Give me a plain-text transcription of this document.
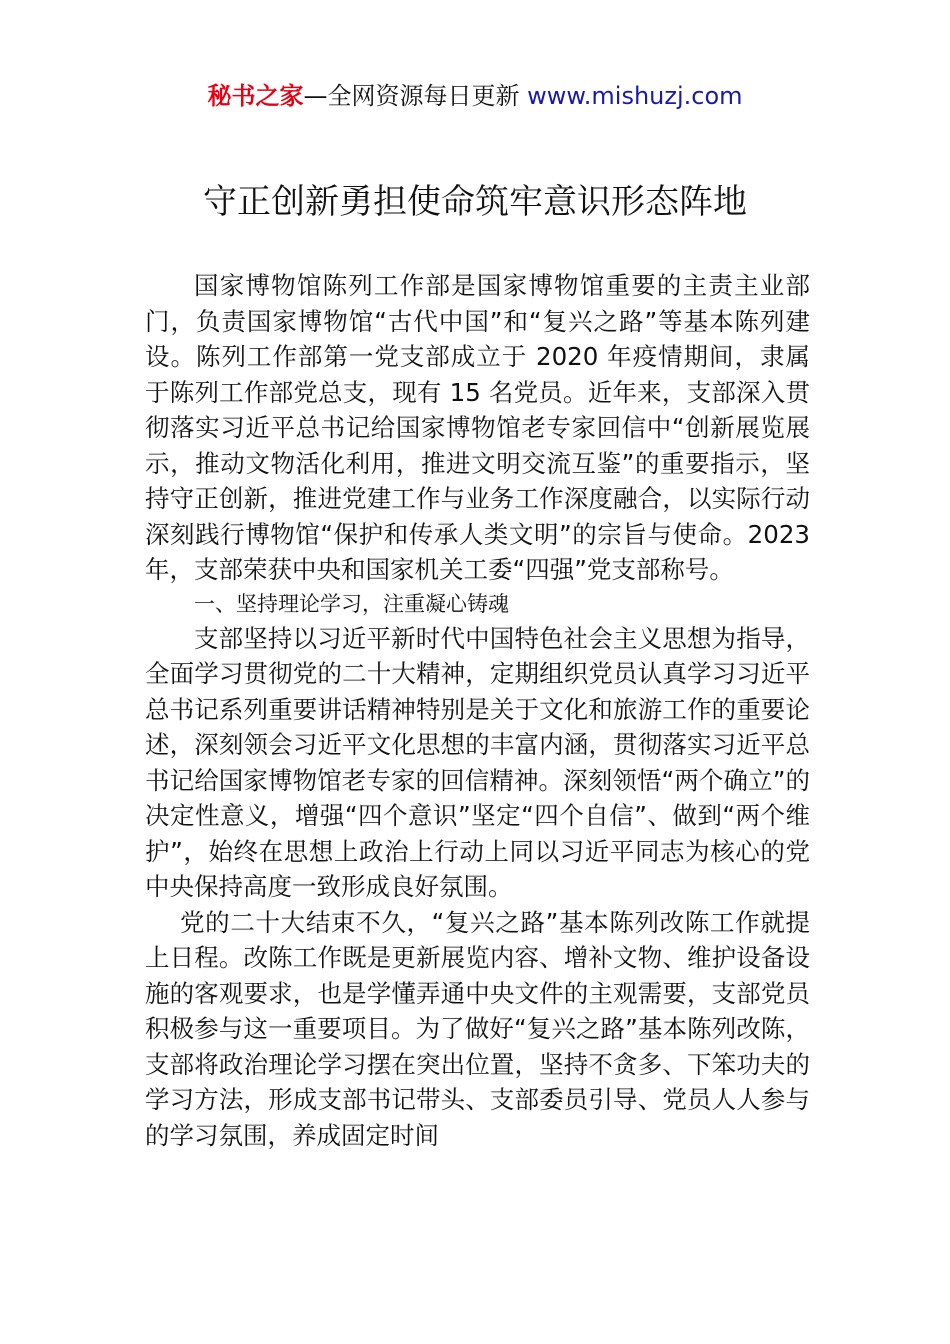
秘书之家—全网资源每日更新 www.mishuzj.com
守正创新勇担使命筑牢意识形态阵地

国家博物馆陈列工作部是国家博物馆重要的主责主业部门，负责国家博物馆“古代中国”和“复兴之路”等基本陈列建设。陈列工作部第一党支部成立于 2020 年疫情期间，隶属于陈列工作部党总支，现有 15 名党员。近年来，支部深入贯彻落实习近平总书记给国家博物馆老专家回信中“创新展览展示，推动文物活化利用，推进文明交流互鉴”的重要指示，坚持守正创新，推进党建工作与业务工作深度融合，以实际行动深刻践行博物馆“保护和传承人类文明”的宗旨与使命。2023 年，支部荣获中央和国家机关工委“四强”党支部称号。

一、坚持理论学习，注重凝心铸魂

支部坚持以习近平新时代中国特色社会主义思想为指导，全面学习贯彻党的二十大精神，定期组织党员认真学习习近平总书记系列重要讲话精神特别是关于文化和旅游工作的重要论述，深刻领会习近平文化思想的丰富内涵，贯彻落实习近平总书记给国家博物馆老专家的回信精神。深刻领悟“两个确立”的决定性意义，增强“四个意识”坚定“四个自信”、做到“两个维护”，始终在思想上政治上行动上同以习近平同志为核心的党中央保持高度一致形成良好氛围。

党的二十大结束不久，“复兴之路”基本陈列改陈工作就提上日程。改陈工作既是更新展览内容、增补文物、维护设备设施的客观要求，也是学懂弄通中央文件的主观需要，支部党员积极参与这一重要项目。为了做好“复兴之路”基本陈列改陈，支部将政治理论学习摆在突出位置，坚持不贪多、下笨功夫的学习方法，形成支部书记带头、支部委员引导、党员人人参与的学习氛围，养成固定时间
